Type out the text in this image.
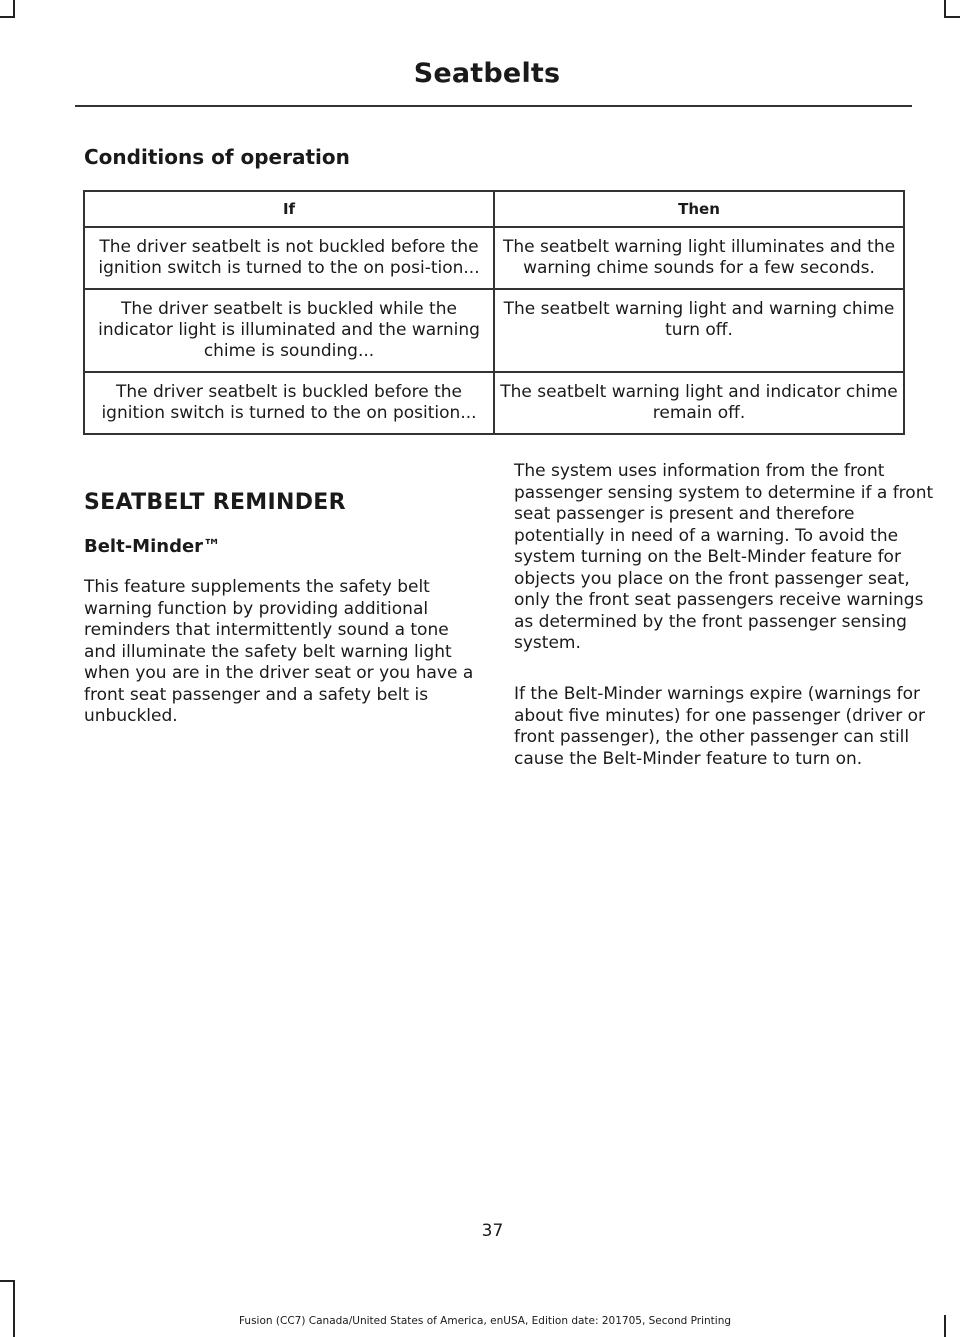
Seatbelts
Conditions of operation
If	Then
The driver seatbelt is not buckled before the ignition switch is turned to the on posi-tion...	The seatbelt warning light illuminates and the warning chime sounds for a few seconds.
The driver seatbelt is buckled while the indicator light is illuminated and the warning chime is sounding...	The seatbelt warning light and warning chime turn off.
The driver seatbelt is buckled before the ignition switch is turned to the on position...	The seatbelt warning light and indicator chime remain off.
SEATBELT REMINDER
Belt-Minder™

This feature supplements the safety belt warning function by providing additional reminders that intermittently sound a tone and illuminate the safety belt warning light when you are in the driver seat or you have a front seat passenger and a safety belt is unbuckled.

The system uses information from the front passenger sensing system to determine if a front seat passenger is present and therefore potentially in need of a warning. To avoid the system turning on the Belt-Minder feature for objects you place on the front passenger seat, only the front seat passengers receive warnings as determined by the front passenger sensing system.

If the Belt-Minder warnings expire (warnings for about five minutes) for one passenger (driver or front passenger), the other passenger can still cause the Belt-Minder feature to turn on.

37
Fusion (CC7) Canada/United States of America, enUSA, Edition date: 201705, Second Printing
